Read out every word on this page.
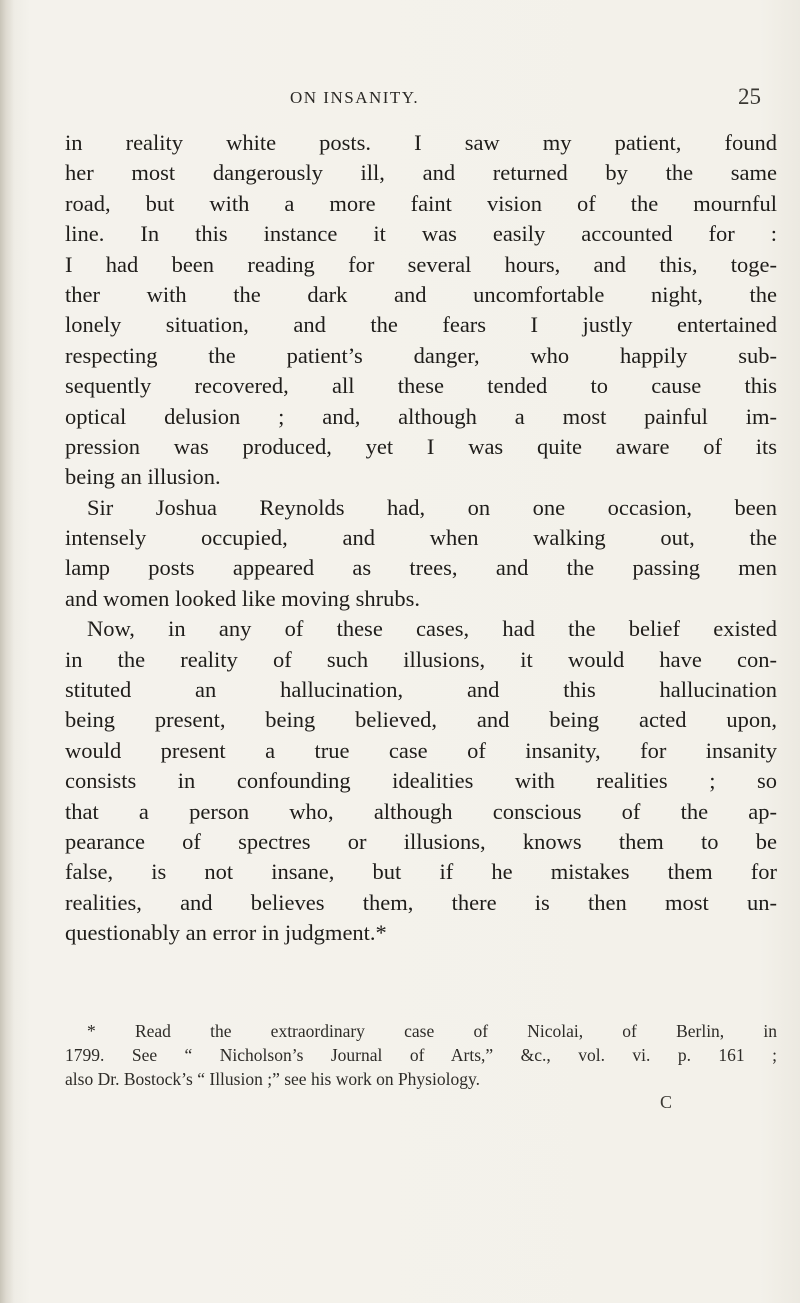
ON INSANITY.	25
in reality white posts. I saw my patient, found
her most dangerously ill, and returned by the same
road, but with a more faint vision of the mournful
line. In this instance it was easily accounted for :
I had been reading for several hours, and this, toge-
ther with the dark and uncomfortable night, the
lonely situation, and the fears I justly entertained
respecting the patient’s danger, who happily sub-
sequently recovered, all these tended to cause this
optical delusion ; and, although a most painful im-
pression was produced, yet I was quite aware of its
being an illusion.
Sir Joshua Reynolds had, on one occasion, been
intensely occupied, and when walking out, the
lamp posts appeared as trees, and the passing men
and women looked like moving shrubs.
Now, in any of these cases, had the belief existed
in the reality of such illusions, it would have con-
stituted an hallucination, and this hallucination
being present, being believed, and being acted upon,
would present a true case of insanity, for insanity
consists in confounding idealities with realities ; so
that a person who, although conscious of the ap-
pearance of spectres or illusions, knows them to be
false, is not insane, but if he mistakes them for
realities, and believes them, there is then most un-
questionably an error in judgment.*
* Read the extraordinary case of Nicolai, of Berlin, in
1799. See “ Nicholson’s Journal of Arts,” &c., vol. vi. p. 161 ;
also Dr. Bostock’s “ Illusion ;” see his work on Physiology.
C
